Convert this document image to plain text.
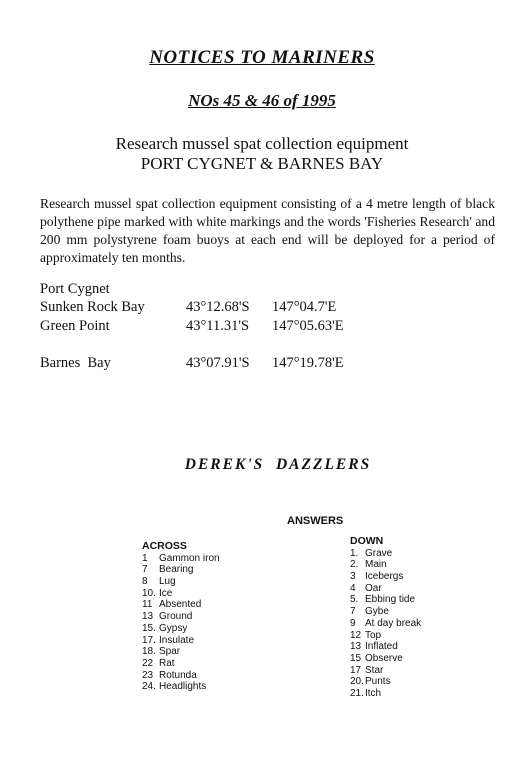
NOTICES TO MARINERS
NOs 45 & 46 of 1995
Research mussel spat collection equipment
PORT CYGNET & BARNES BAY
Research mussel spat collection equipment consisting of a 4 metre length of black polythene pipe marked with white markings and the words 'Fisheries Research' and 200 mm polystyrene foam buoys at each end will be deployed for a period of approximately ten months.
Port Cygnet
Sunken Rock Bay	43°12.68'S 147°04.7'E
Green Point	43°11.31'S 147°05.63'E
Barnes  Bay	43°07.91'S 147°19.78'E
DEREK'S  DAZZLERS
ANSWERS
ACROSS
1 Gammon iron
7 Bearing
8 Lug
10. Ice
11 Absented
13 Ground
15. Gypsy
17. Insulate
18. Spar
22 Rat
23 Rotunda
24. Headlights
DOWN
1. Grave
2. Main
3 Icebergs
4 Oar
5. Ebbing tide
7 Gybe
9 At day break
12 Top
13 Inflated
15 Observe
17 Star
20.Punts
21.Itch
